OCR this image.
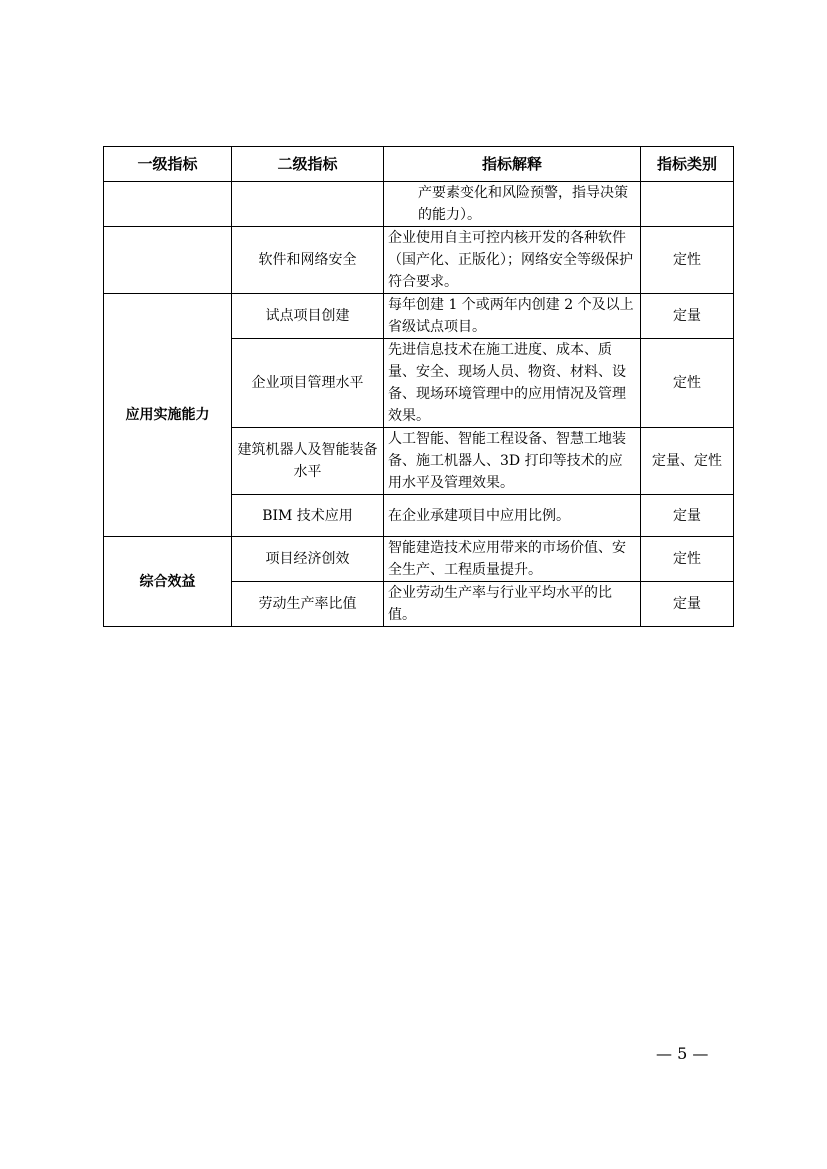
一级指标	二级指标	指标解释	指标类别
		产要素变化和风险预警，指导决策的能力）。	
	软件和网络安全	企业使用自主可控内核开发的各种软件（国产化、正版化）；网络安全等级保护符合要求。	定性
应用实施能力	试点项目创建	每年创建 1 个或两年内创建 2 个及以上省级试点项目。	定量
	企业项目管理水平	先进信息技术在施工进度、成本、质量、安全、现场人员、物资、材料、设备、现场环境管理中的应用情况及管理效果。	定性
	建筑机器人及智能装备水平	人工智能、智能工程设备、智慧工地装备、施工机器人、3D 打印等技术的应用水平及管理效果。	定量、定性
	BIM 技术应用	在企业承建项目中应用比例。	定量
综合效益	项目经济创效	智能建造技术应用带来的市场价值、安全生产、工程质量提升。	定性
	劳动生产率比值	企业劳动生产率与行业平均水平的比值。	定量
— 5 —
